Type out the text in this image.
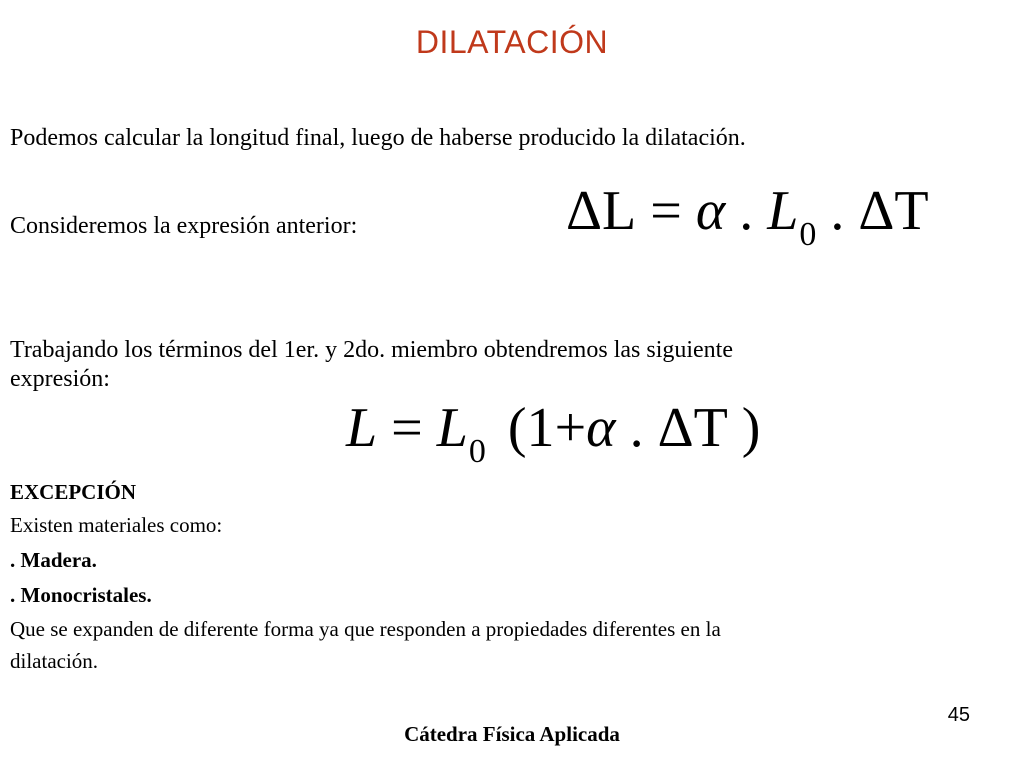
DILATACIÓN
Podemos calcular la longitud final, luego de haberse producido la dilatación.
Consideremos la expresión anterior:	ΔL = α . $L_0$ . ΔT
Trabajando los términos del 1er. y 2do. miembro obtendremos las siguiente
expresión:
$L = L_0$ (1+α . ΔT )
EXCEPCIÓN
Existen materiales como:
. Madera.
. Monocristales.
Que se expanden de diferente forma ya que responden a propiedades diferentes en la
dilatación.
45
Cátedra Física Aplicada
